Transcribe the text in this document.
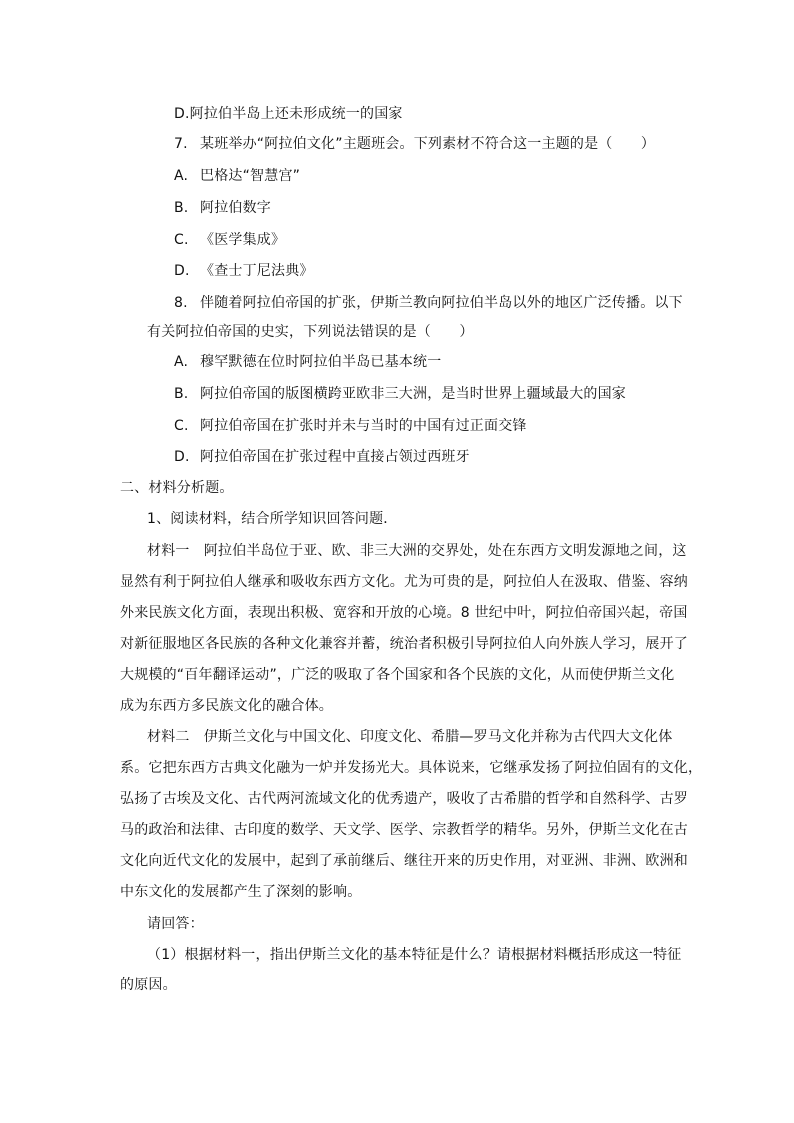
D.阿拉伯半岛上还未形成统一的国家
7. 某班举办“阿拉伯文化”主题班会。下列素材不符合这一主题的是（　　）
A. 巴格达“智慧宫”
B. 阿拉伯数字
C. 《医学集成》
D. 《查士丁尼法典》
8. 伴随着阿拉伯帝国的扩张，伊斯兰教向阿拉伯半岛以外的地区广泛传播。以下
有关阿拉伯帝国的史实，下列说法错误的是（　　）
A. 穆罕默德在位时阿拉伯半岛已基本统一
B. 阿拉伯帝国的版图横跨亚欧非三大洲，是当时世界上疆域最大的国家
C. 阿拉伯帝国在扩张时并未与当时的中国有过正面交锋
D. 阿拉伯帝国在扩张过程中直接占领过西班牙
二、材料分析题。
1、阅读材料，结合所学知识回答问题．
材料一　阿拉伯半岛位于亚、欧、非三大洲的交界处，处在东西方文明发源地之间，这
显然有利于阿拉伯人继承和吸收东西方文化。尤为可贵的是，阿拉伯人在汲取、借鉴、容纳
外来民族文化方面，表现出积极、宽容和开放的心境。8 世纪中叶，阿拉伯帝国兴起，帝国
对新征服地区各民族的各种文化兼容并蓄，统治者积极引导阿拉伯人向外族人学习，展开了
大规模的“百年翻译运动”，广泛的吸取了各个国家和各个民族的文化，从而使伊斯兰文化
成为东西方多民族文化的融合体。
材料二　伊斯兰文化与中国文化、印度文化、希腊—罗马文化并称为古代四大文化体
系。它把东西方古典文化融为一炉并发扬光大。具体说来，它继承发扬了阿拉伯固有的文化，
弘扬了古埃及文化、古代两河流域文化的优秀遗产，吸收了古希腊的哲学和自然科学、古罗
马的政治和法律、古印度的数学、天文学、医学、宗教哲学的精华。另外，伊斯兰文化在古
文化向近代文化的发展中，起到了承前继后、继往开来的历史作用，对亚洲、非洲、欧洲和
中东文化的发展都产生了深刻的影响。
请回答：
（1）根据材料一，指出伊斯兰文化的基本特征是什么？请根据材料概括形成这一特征
的原因。
